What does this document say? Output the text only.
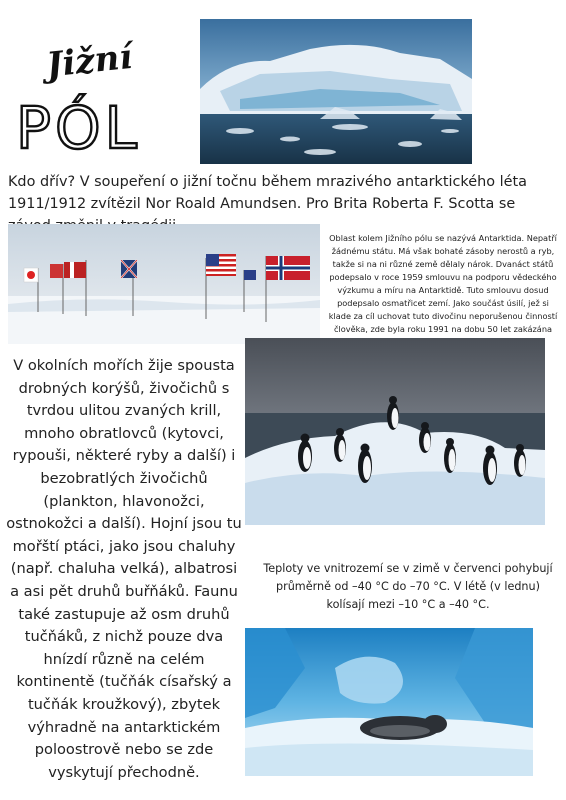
Jižní
PÓL
Kdo dřív? V soupeření o jižní točnu během mrazivého antarktického léta 1911/1912 zvítězil Nor Roald Amundsen. Pro Brita Roberta F. Scotta se
Oblast kolem Jižního pólu se nazývá Antarktida. Nepatří žádnému státu. Má však bohaté zásoby nerostů a ryb, takže si na ni různé země dělaly nárok. Dvanáct států podepsalo v roce 1959 smlouvu na podporu vědeckého výzkumu a míru na Antarktidě. Tuto smlouvu dosud podepsalo osmatřicet zemí. Jako součást úsilí, jež si klade za cíl uchovat tuto divočinu neporušenou činností člověka, zde byla roku 1991 na dobu 50 let zakázána
V okolních mořích žije spousta drobných korýšů, živočichů s tvrdou ulitou zvaných krill, mnoho obratlovců (kytovci, rypouši, některé ryby a další) i bezobratlých živočichů (plankton, hlavonožci, ostnokožci a další). Hojní jsou tu mořští ptáci, jako jsou chaluhy (např. chaluha velká), albatrosi a asi pět druhů buřňáků. Faunu také zastupuje až osm druhů tučňáků, z nichž pouze dva hnízdí různě na celém kontinentě (tučňák císařský a tučňák kroužkový), zbytek výhradně na antarktickém poloostrově nebo se zde vyskytují přechodně.
Teploty ve vnitrozemí se v zimě v červenci pohybují průměrně od –40 °C do –70 °C. V létě (v lednu) kolísají mezi –10 °C a –40 °C.
